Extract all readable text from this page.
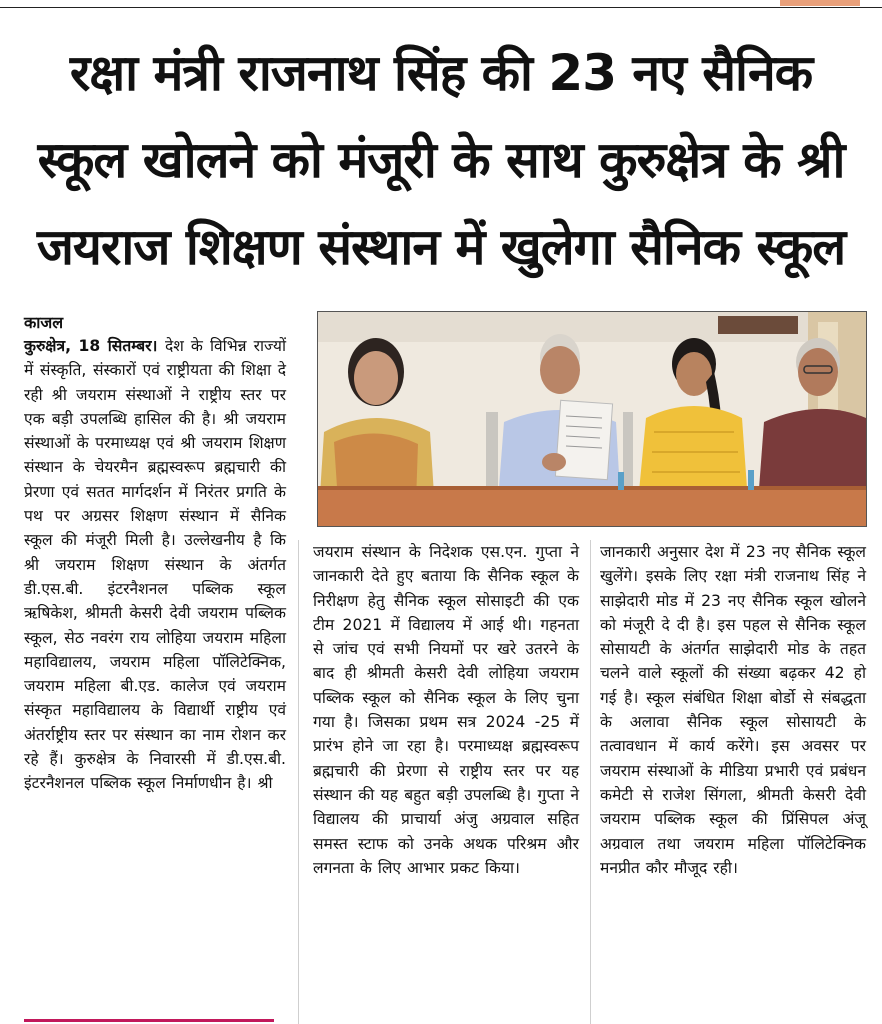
रक्षा मंत्री राजनाथ सिंह की 23 नए सैनिक
स्कूल खोलने को मंजूरी के साथ कुरुक्षेत्र के श्री
जयराज शिक्षण संस्थान में खुलेगा सैनिक स्कूल
काजल
कुरुक्षेत्र, 18 सितम्बर। देश के विभिन्न राज्यों में संस्कृति, संस्कारों एवं राष्ट्रीयता की शिक्षा दे रही श्री जयराम संस्थाओं ने राष्ट्रीय स्तर पर एक बड़ी उपलब्धि हासिल की है। श्री जयराम संस्थाओं के परमाध्यक्ष एवं श्री जयराम शिक्षण संस्थान के चेयरमैन ब्रह्मस्वरूप ब्रह्मचारी की प्रेरणा एवं सतत मार्गदर्शन में निरंतर प्रगति के पथ पर अग्रसर शिक्षण संस्थान में सैनिक स्कूल की मंजूरी मिली है। उल्लेखनीय है कि श्री जयराम शिक्षण संस्थान के अंतर्गत डी.एस.बी. इंटरनैशनल पब्लिक स्कूल ऋषिकेश, श्रीमती केसरी देवी जयराम पब्लिक स्कूल, सेठ नवरंग राय लोहिया जयराम महिला महाविद्यालय, जयराम महिला पॉलिटेक्निक, जयराम महिला बी.एड. कालेज एवं जयराम संस्कृत महाविद्यालय के विद्यार्थी राष्ट्रीय एवं अंतर्राष्ट्रीय स्तर पर संस्थान का नाम रोशन कर रहे हैं। कुरुक्षेत्र के निवारसी में डी.एस.बी. इंटरनैशनल पब्लिक स्कूल निर्माणधीन है। श्री
जयराम संस्थान के निदेशक एस.एन. गुप्ता ने जानकारी देते हुए बताया कि सैनिक स्कूल के निरीक्षण हेतु सैनिक स्कूल सोसाइटी की एक टीम 2021 में विद्यालय में आई थी। गहनता से जांच एवं सभी नियमों पर खरे उतरने के बाद ही श्रीमती केसरी देवी लोहिया जयराम पब्लिक स्कूल को सैनिक स्कूल के लिए चुना गया है। जिसका प्रथम सत्र 2024 -25 में प्रारंभ होने जा रहा है। परमाध्यक्ष ब्रह्मस्वरूप ब्रह्मचारी की प्रेरणा से राष्ट्रीय स्तर पर यह संस्थान की यह बहुत बड़ी उपलब्धि है। गुप्ता ने विद्यालय की प्राचार्या अंजु अग्रवाल सहित समस्त स्टाफ को उनके अथक परिश्रम और लगनता के लिए आभार प्रकट किया।
जानकारी अनुसार देश में 23 नए सैनिक स्कूल खुलेंगे। इसके लिए रक्षा मंत्री राजनाथ सिंह ने साझेदारी मोड में 23 नए सैनिक स्कूल खोलने को मंजूरी दे दी है। इस पहल से सैनिक स्कूल सोसायटी के अंतर्गत साझेदारी मोड के तहत चलने वाले स्कूलों की संख्या बढ़कर 42 हो गई है। स्कूल संबंधित शिक्षा बोर्डो से संबद्धता के अलावा सैनिक स्कूल सोसायटी के तत्वावधान में कार्य करेंगे। इस अवसर पर जयराम संस्थाओं के मीडिया प्रभारी एवं प्रबंधन कमेटी से राजेश सिंगला, श्रीमती केसरी देवी जयराम पब्लिक स्कूल की प्रिंसिपल अंजू अग्रवाल तथा जयराम महिला पॉलिटेक्निक मनप्रीत कौर मौजूद रही।
